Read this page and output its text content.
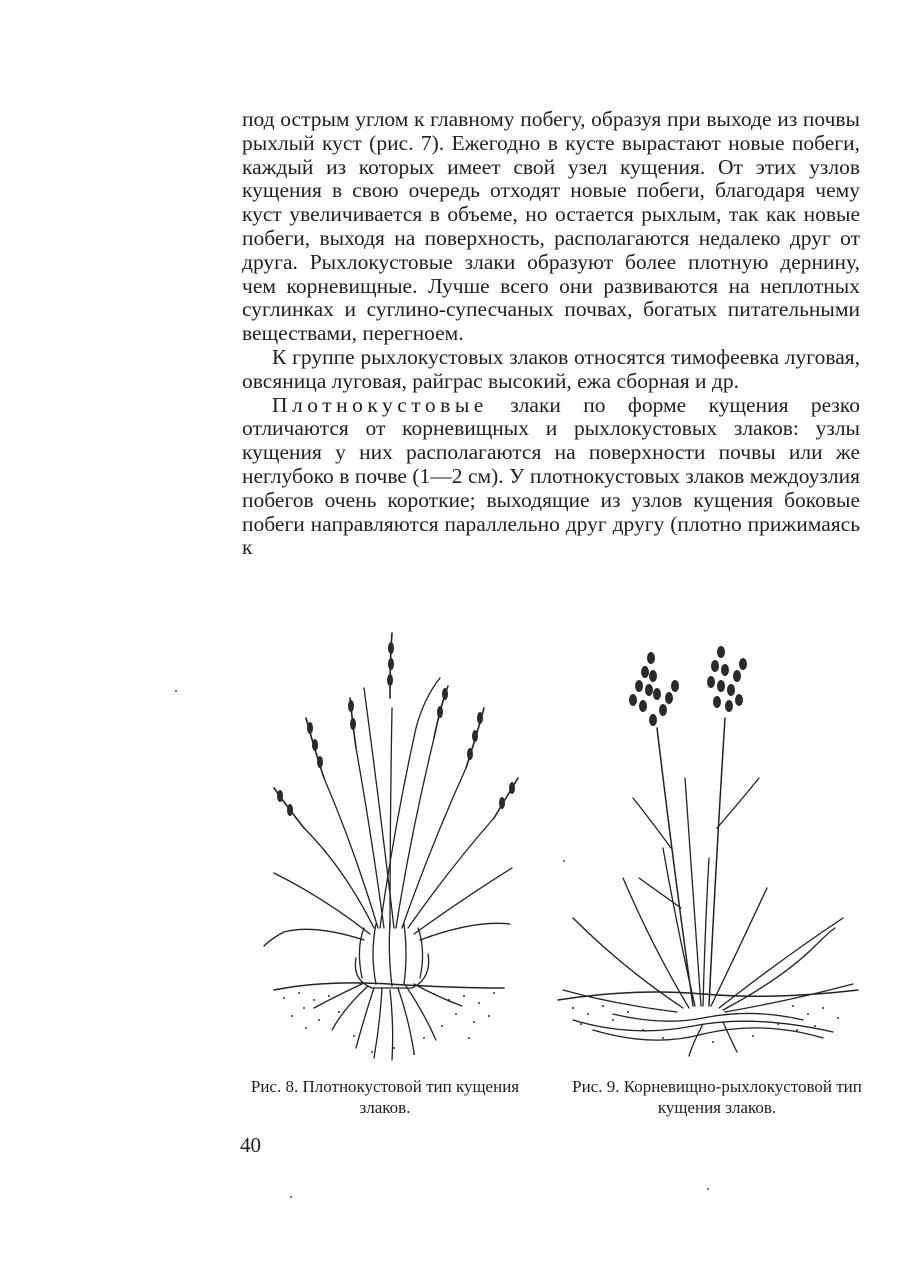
под острым углом к главному побегу, образуя при выходе из почвы рыхлый куст (рис. 7). Ежегодно в кусте вырастают новые побеги, каждый из которых имеет свой узел кущения. От этих узлов кущения в свою очередь отходят новые побеги, благодаря чему куст увеличивается в объеме, но остается рыхлым, так как новые побеги, выходя на поверхность, располагаются недалеко друг от друга. Рыхлокустовые злаки образуют более плотную дернину, чем корневищные. Лучше всего они развиваются на неплотных суглинках и суглино-супесчаных почвах, богатых питательными веществами, перегноем.

К группе рыхлокустовых злаков относятся тимофеевка луговая, овсяница луговая, райграс высокий, ежа сборная и др.

Плотнокустовые злаки по форме кущения резко отличаются от корневищных и рыхлокустовых злаков: узлы кущения у них располагаются на поверхности почвы или же неглубоко в почве (1—2 см). У плотнокустовых злаков междоузлия побегов очень короткие; выходящие из узлов кущения боковые побеги направляются параллельно друг другу (плотно прижимаясь к

Рис. 8. Плотнокустовой тип кущения злаков.
Рис. 9. Корневищно-рыхлокустовой тип кущения злаков.
40
